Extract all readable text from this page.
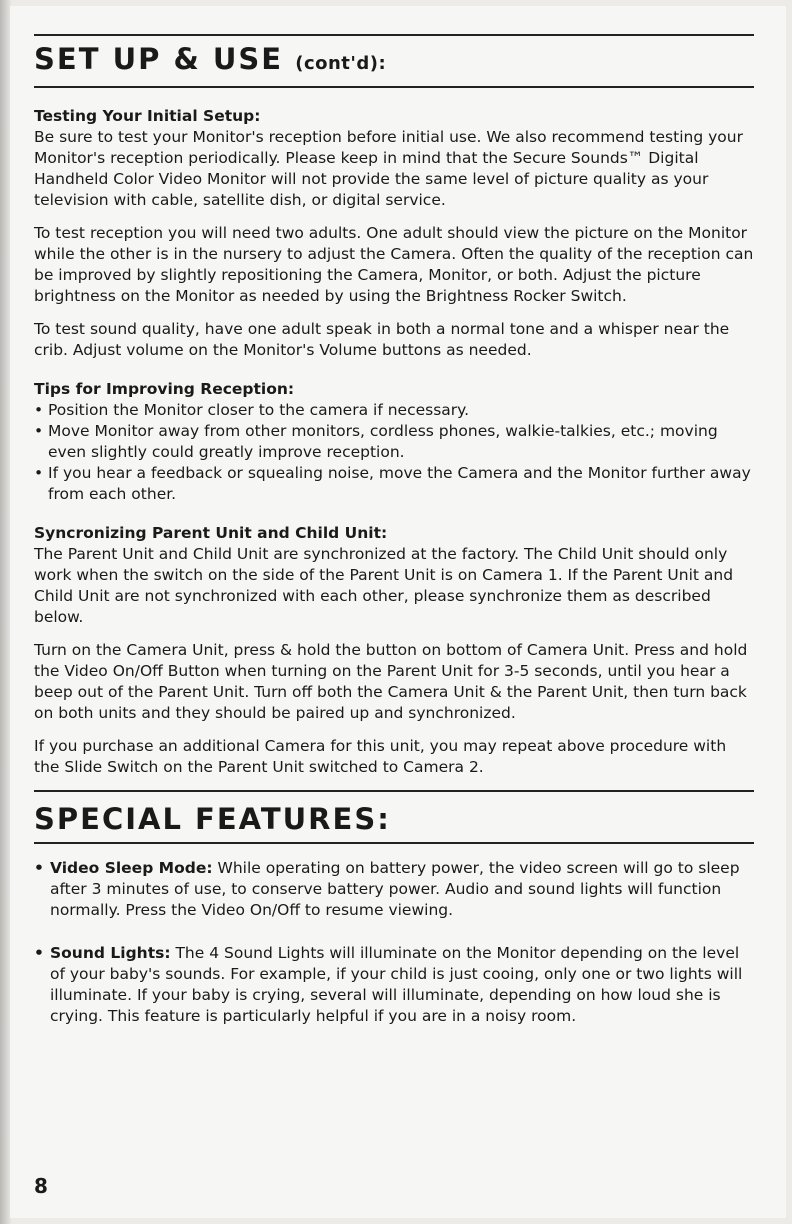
SET UP & USE (cont'd):
Testing Your Initial Setup:

Be sure to test your Monitor's reception before initial use. We also recommend testing your Monitor's reception periodically. Please keep in mind that the Secure Sounds™ Digital Handheld Color Video Monitor will not provide the same level of picture quality as your television with cable, satellite dish, or digital service.

To test reception you will need two adults. One adult should view the picture on the Monitor while the other is in the nursery to adjust the Camera. Often the quality of the reception can be improved by slightly repositioning the Camera, Monitor, or both. Adjust the picture brightness on the Monitor as needed by using the Brightness Rocker Switch.

To test sound quality, have one adult speak in both a normal tone and a whisper near the crib. Adjust volume on the Monitor's Volume buttons as needed.

Tips for Improving Reception:
• Position the Monitor closer to the camera if necessary.
• Move Monitor away from other monitors, cordless phones, walkie-talkies, etc.; moving even slightly could greatly improve reception.
• If you hear a feedback or squealing noise, move the Camera and the Monitor further away from each other.
Syncronizing Parent Unit and Child Unit:

The Parent Unit and Child Unit are synchronized at the factory. The Child Unit should only work when the switch on the side of the Parent Unit is on Camera 1. If the Parent Unit and Child Unit are not synchronized with each other, please synchronize them as described below.

Turn on the Camera Unit, press & hold the button on bottom of Camera Unit. Press and hold the Video On/Off Button when turning on the Parent Unit for 3-5 seconds, until you hear a beep out of the Parent Unit. Turn off both the Camera Unit & the Parent Unit, then turn back on both units and they should be paired up and synchronized.

If you purchase an additional Camera for this unit, you may repeat above procedure with the Slide Switch on the Parent Unit switched to Camera 2.

SPECIAL FEATURES:

• Video Sleep Mode: While operating on battery power, the video screen will go to sleep after 3 minutes of use, to conserve battery power. Audio and sound lights will function normally. Press the Video On/Off to resume viewing.

• Sound Lights: The 4 Sound Lights will illuminate on the Monitor depending on the level of your baby's sounds. For example, if your child is just cooing, only one or two lights will illuminate. If your baby is crying, several will illuminate, depending on how loud she is crying. This feature is particularly helpful if you are in a noisy room.

8
